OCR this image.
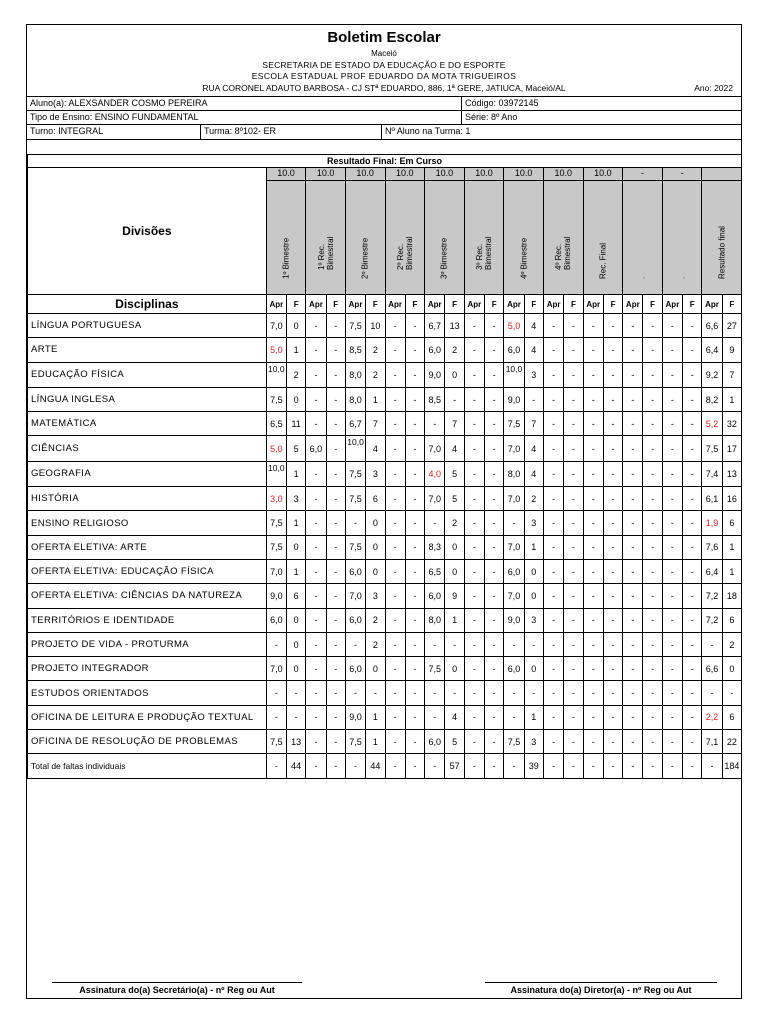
Boletim Escolar
Maceió
SECRETARIA DE ESTADO DA EDUCAÇÃO E DO ESPORTE
ESCOLA ESTADUAL PROF EDUARDO DA MOTA TRIGUEIROS
RUA CORONEL ADAUTO BARBOSA - CJ STª EDUARDO, 886, 1ª GERE, JATIUCA, Maceió/AL	Ano: 2022
Aluno(a): ALEXSANDER COSMO PEREIRA	Código: 03972145
Tipo de Ensino: ENSINO FUNDAMENTAL	Série: 8º Ano
Turno: INTEGRAL	Turma: 8º102- ER	Nº Aluno na Turma: 1
Resultado Final: Em Curso																								
Divisões	10.0		10.0		10.0		10.0		10.0		10.0		10.0		10.0		10.0		-		-			

	1º Bimestre		1º Rec.
Bimestral		2º Bimestre		2º Rec.
Bimestral		3º Bimestre		3º Rec.
Bimestral		4º Bimestre		4º Rec.
Bimestral		Rec. Final		.		.		Resultado final	

Disciplinas	Apr	F	Apr	F	Apr	F	Apr	F	Apr	F	Apr	F	Apr	F	Apr	F	Apr	F	Apr	F	Apr	F	Apr	F
LÍNGUA PORTUGUESA	7,0	0	-	-	7,5	10	-	-	6,7	13	-	-	5,0	4	-	-	-	-	-	-	-	-	6,6	27
ARTE	5,0	1	-	-	8,5	2	-	-	6,0	2	-	-	6,0	4	-	-	-	-	-	-	-	-	6,4	9
EDUCAÇÃO FÍSICA	10,0	2	-	-	8,0	2	-	-	9,0	0	-	-	10,0	3	-	-	-	-	-	-	-	-	9,2	7
LÍNGUA INGLESA	7,5	0	-	-	8,0	1	-	-	8,5	-	-	-	9,0	-	-	-	-	-	-	-	-	-	8,2	1
MATEMÁTICA	6,5	11	-	-	6,7	7	-	-	-	7	-	-	7,5	7	-	-	-	-	-	-	-	-	5,2	32
CIÊNCIAS	5,0	5	6,0	-	10,0	4	-	-	7,0	4	-	-	7,0	4	-	-	-	-	-	-	-	-	7,5	17
GEOGRAFIA	10,0	1	-	-	7,5	3	-	-	4,0	5	-	-	8,0	4	-	-	-	-	-	-	-	-	7,4	13
HISTÓRIA	3,0	3	-	-	7,5	6	-	-	7,0	5	-	-	7,0	2	-	-	-	-	-	-	-	-	6,1	16
ENSINO RELIGIOSO	7,5	1	-	-	-	0	-	-	-	2	-	-	-	3	-	-	-	-	-	-	-	-	1,9	6
OFERTA ELETIVA: ARTE	7,5	0	-	-	7,5	0	-	-	8,3	0	-	-	7,0	1	-	-	-	-	-	-	-	-	7,6	1
OFERTA ELETIVA: EDUCAÇÃO FÍSICA	7,0	1	-	-	6,0	0	-	-	6,5	0	-	-	6,0	0	-	-	-	-	-	-	-	-	6,4	1
OFERTA ELETIVA: CIÊNCIAS DA NATUREZA	9,0	6	-	-	7,0	3	-	-	6,0	9	-	-	7,0	0	-	-	-	-	-	-	-	-	7,2	18
TERRITÓRIOS E IDENTIDADE	6,0	0	-	-	6,0	2	-	-	8,0	1	-	-	9,0	3	-	-	-	-	-	-	-	-	7,2	6
PROJETO DE VIDA - PROTURMA	-	0	-	-	-	2	-	-	-	-	-	-	-	-	-	-	-	-	-	-	-	-	-	2
PROJETO INTEGRADOR	7,0	0	-	-	6,0	0	-	-	7,5	0	-	-	6,0	0	-	-	-	-	-	-	-	-	6,6	0
ESTUDOS ORIENTADOS	-	-	-	-	-	-	-	-	-	-	-	-	-	-	-	-	-	-	-	-	-	-	-	-
OFICINA DE LEITURA E PRODUÇÃO TEXTUAL	-	-	-	-	9,0	1	-	-	-	4	-	-	-	1	-	-	-	-	-	-	-	-	2,2	6
OFICINA DE RESOLUÇÃO DE PROBLEMAS	7,5	13	-	-	7,5	1	-	-	6,0	5	-	-	7,5	3	-	-	-	-	-	-	-	-	7,1	22
Total de faltas individuais	-	44	-	-	-	44	-	-	-	57	-	-	-	39	-	-	-	-	-	-	-	-	-	184
Assinatura do(a) Secretário(a) - nº Reg ou Aut	Assinatura do(a) Diretor(a) - nº Reg ou Aut
